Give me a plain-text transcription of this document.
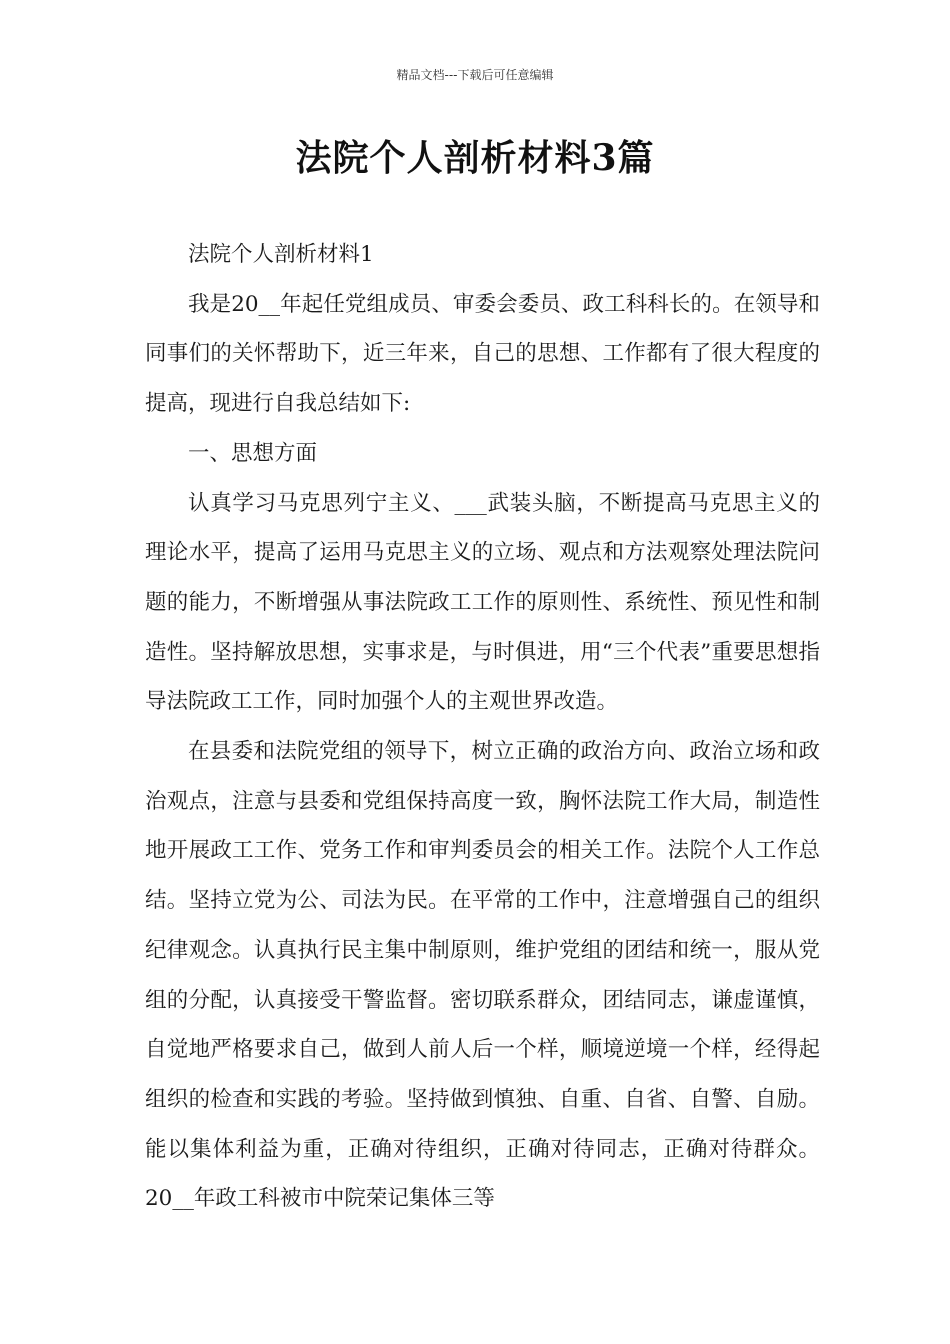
精品文档---下载后可任意编辑
法院个人剖析材料3篇

法院个人剖析材料1

我是20__年起任党组成员、审委会委员、政工科科长的。在领导和同事们的关怀帮助下，近三年来，自己的思想、工作都有了很大程度的提高，现进行自我总结如下:

一、思想方面

认真学习马克思列宁主义、___武装头脑，不断提高马克思主义的理论水平，提高了运用马克思主义的立场、观点和方法观察处理法院问题的能力，不断增强从事法院政工工作的原则性、系统性、预见性和制造性。坚持解放思想，实事求是，与时俱进，用“三个代表”重要思想指导法院政工工作，同时加强个人的主观世界改造。

在县委和法院党组的领导下，树立正确的政治方向、政治立场和政治观点，注意与县委和党组保持高度一致，胸怀法院工作大局，制造性地开展政工工作、党务工作和审判委员会的相关工作。法院个人工作总结。坚持立党为公、司法为民。在平常的工作中，注意增强自己的组织纪律观念。认真执行民主集中制原则，维护党组的团结和统一，服从党组的分配，认真接受干警监督。密切联系群众，团结同志，谦虚谨慎，自觉地严格要求自己，做到人前人后一个样，顺境逆境一个样，经得起组织的检查和实践的考验。坚持做到慎独、自重、自省、自警、自励。能以集体利益为重，正确对待组织，正确对待同志，正确对待群众。20__年政工科被市中院荣记集体三等
